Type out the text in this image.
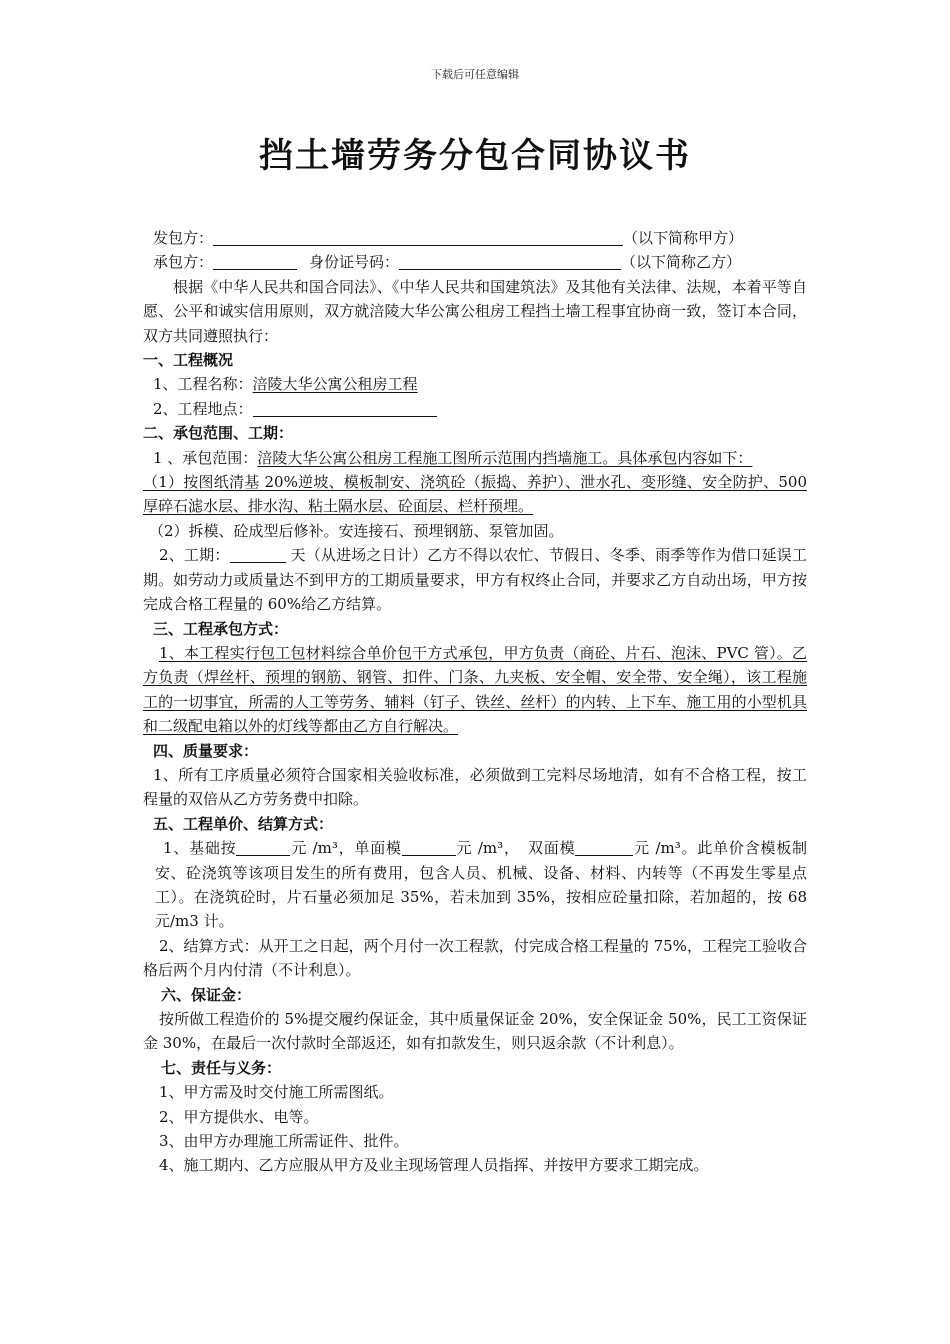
下载后可任意编辑
挡土墙劳务分包合同协议书
发包方：	（以下简称甲方）
承包方：	身份证号码：	（以下简称乙方）
根据《中华人民共和国合同法》、《中华人民共和国建筑法》及其他有关法律、法规，本着平等自愿、公平和诚实信用原则，双方就涪陵大华公寓公租房工程挡土墙工程事宜协商一致，签订本合同，双方共同遵照执行：
一、工程概况
1、工程名称：涪陵大华公寓公租房工程
2、工程地点：
二、承包范围、工期：
1 、承包范围：涪陵大华公寓公租房工程施工图所示范围内挡墙施工。具体承包内容如下：
（1）按图纸清基 20%逆坡、模板制安、浇筑砼（振捣、养护）、泄水孔、变形缝、安全防护、500 厚碎石滤水层、排水沟、粘土隔水层、砼面层、栏杆预埋。
（2）拆模、砼成型后修补。安连接石、预埋钢筋、泵管加固。
2、工期：	天（从进场之日计）乙方不得以农忙、节假日、冬季、雨季等作为借口延误工期。如劳动力或质量达不到甲方的工期质量要求，甲方有权终止合同，并要求乙方自动出场，甲方按完成合格工程量的 60%给乙方结算。
三、工程承包方式：
1、本工程实行包工包材料综合单价包干方式承包，甲方负责（商砼、片石、泡沫、PVC 管）。乙方负责（焊丝杆、预埋的钢筋、钢管、扣件、门条、九夹板、安全帽、安全带、安全绳），该工程施工的一切事宜，所需的人工等劳务、辅料（钉子、铁丝、丝杆）的内转、上下车、施工用的小型机具和二级配电箱以外的灯线等都由乙方自行解决。
四、质量要求：
1、所有工序质量必须符合国家相关验收标准，必须做到工完料尽场地清，如有不合格工程，按工程量的双倍从乙方劳务费中扣除。
五、工程单价、结算方式：
1、基础按	元 /m³，单面模	元 /m³，　双面模	元 /m³。此单价含模板制安、砼浇筑等该项目发生的所有费用，包含人员、机械、设备、材料、内转等（不再发生零星点工）。在浇筑砼时，片石量必须加足 35%，若未加到 35%，按相应砼量扣除，若加超的，按 68 元/m3 计。
2、结算方式：从开工之日起，两个月付一次工程款，付完成合格工程量的 75%，工程完工验收合格后两个月内付清（不计利息）。
六、保证金：
按所做工程造价的 5%提交履约保证金，其中质量保证金 20%，安全保证金 50%，民工工资保证金 30%，在最后一次付款时全部返还，如有扣款发生，则只返余款（不计利息）。
七、责任与义务：
1、甲方需及时交付施工所需图纸。
2、甲方提供水、电等。
3、由甲方办理施工所需证件、批件。
4、施工期内、乙方应服从甲方及业主现场管理人员指挥、并按甲方要求工期完成。
